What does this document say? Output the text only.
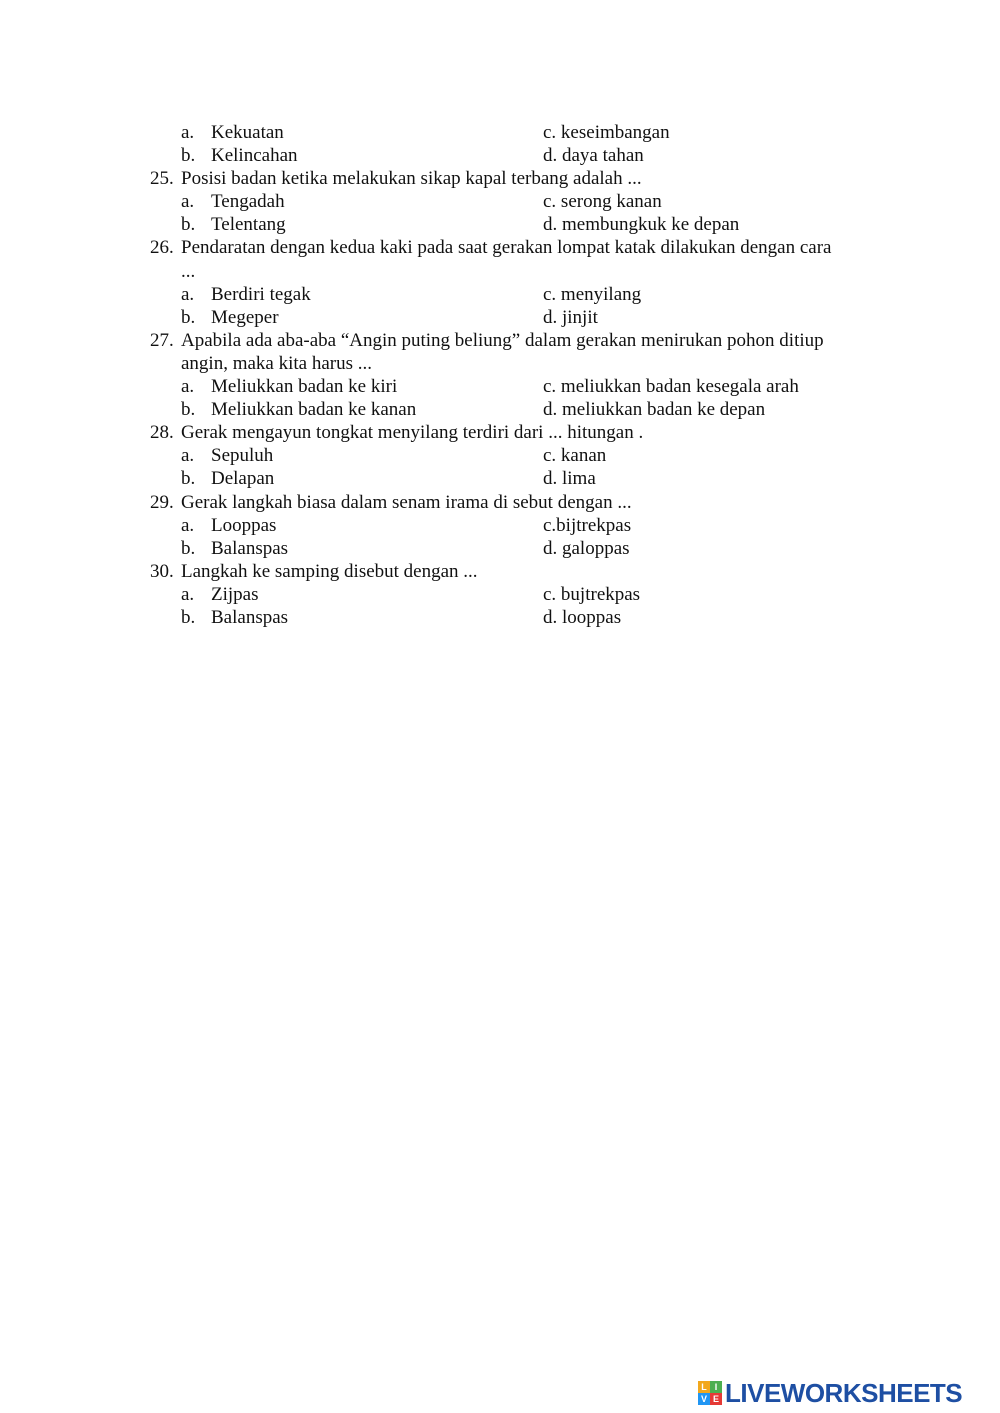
a. Kekuatan	c. keseimbangan
b. Kelincahan	d. daya tahan
25. Posisi badan ketika melakukan sikap kapal terbang adalah ...
a. Tengadah	c. serong kanan
b. Telentang	d. membungkuk ke depan
26. Pendaratan dengan kedua kaki pada saat gerakan lompat katak dilakukan dengan cara
...
a. Berdiri tegak	c. menyilang
b. Megeper	d. jinjit
27. Apabila ada aba-aba “Angin puting beliung” dalam gerakan menirukan pohon ditiup
angin, maka kita harus ...
a. Meliukkan badan ke kiri	c. meliukkan badan kesegala arah
b. Meliukkan badan ke kanan	d. meliukkan badan ke depan
28. Gerak mengayun tongkat menyilang terdiri dari ... hitungan .
a. Sepuluh	c. kanan
b. Delapan	d. lima
29. Gerak langkah biasa dalam senam irama di sebut dengan ...
a. Looppas	c.bijtrekpas
b. Balanspas	d. galoppas
30. Langkah ke samping disebut dengan ...
a. Zijpas	c. bujtrekpas
b. Balanspas	d. looppas
L I
V E LIVEWORKSHEETS
